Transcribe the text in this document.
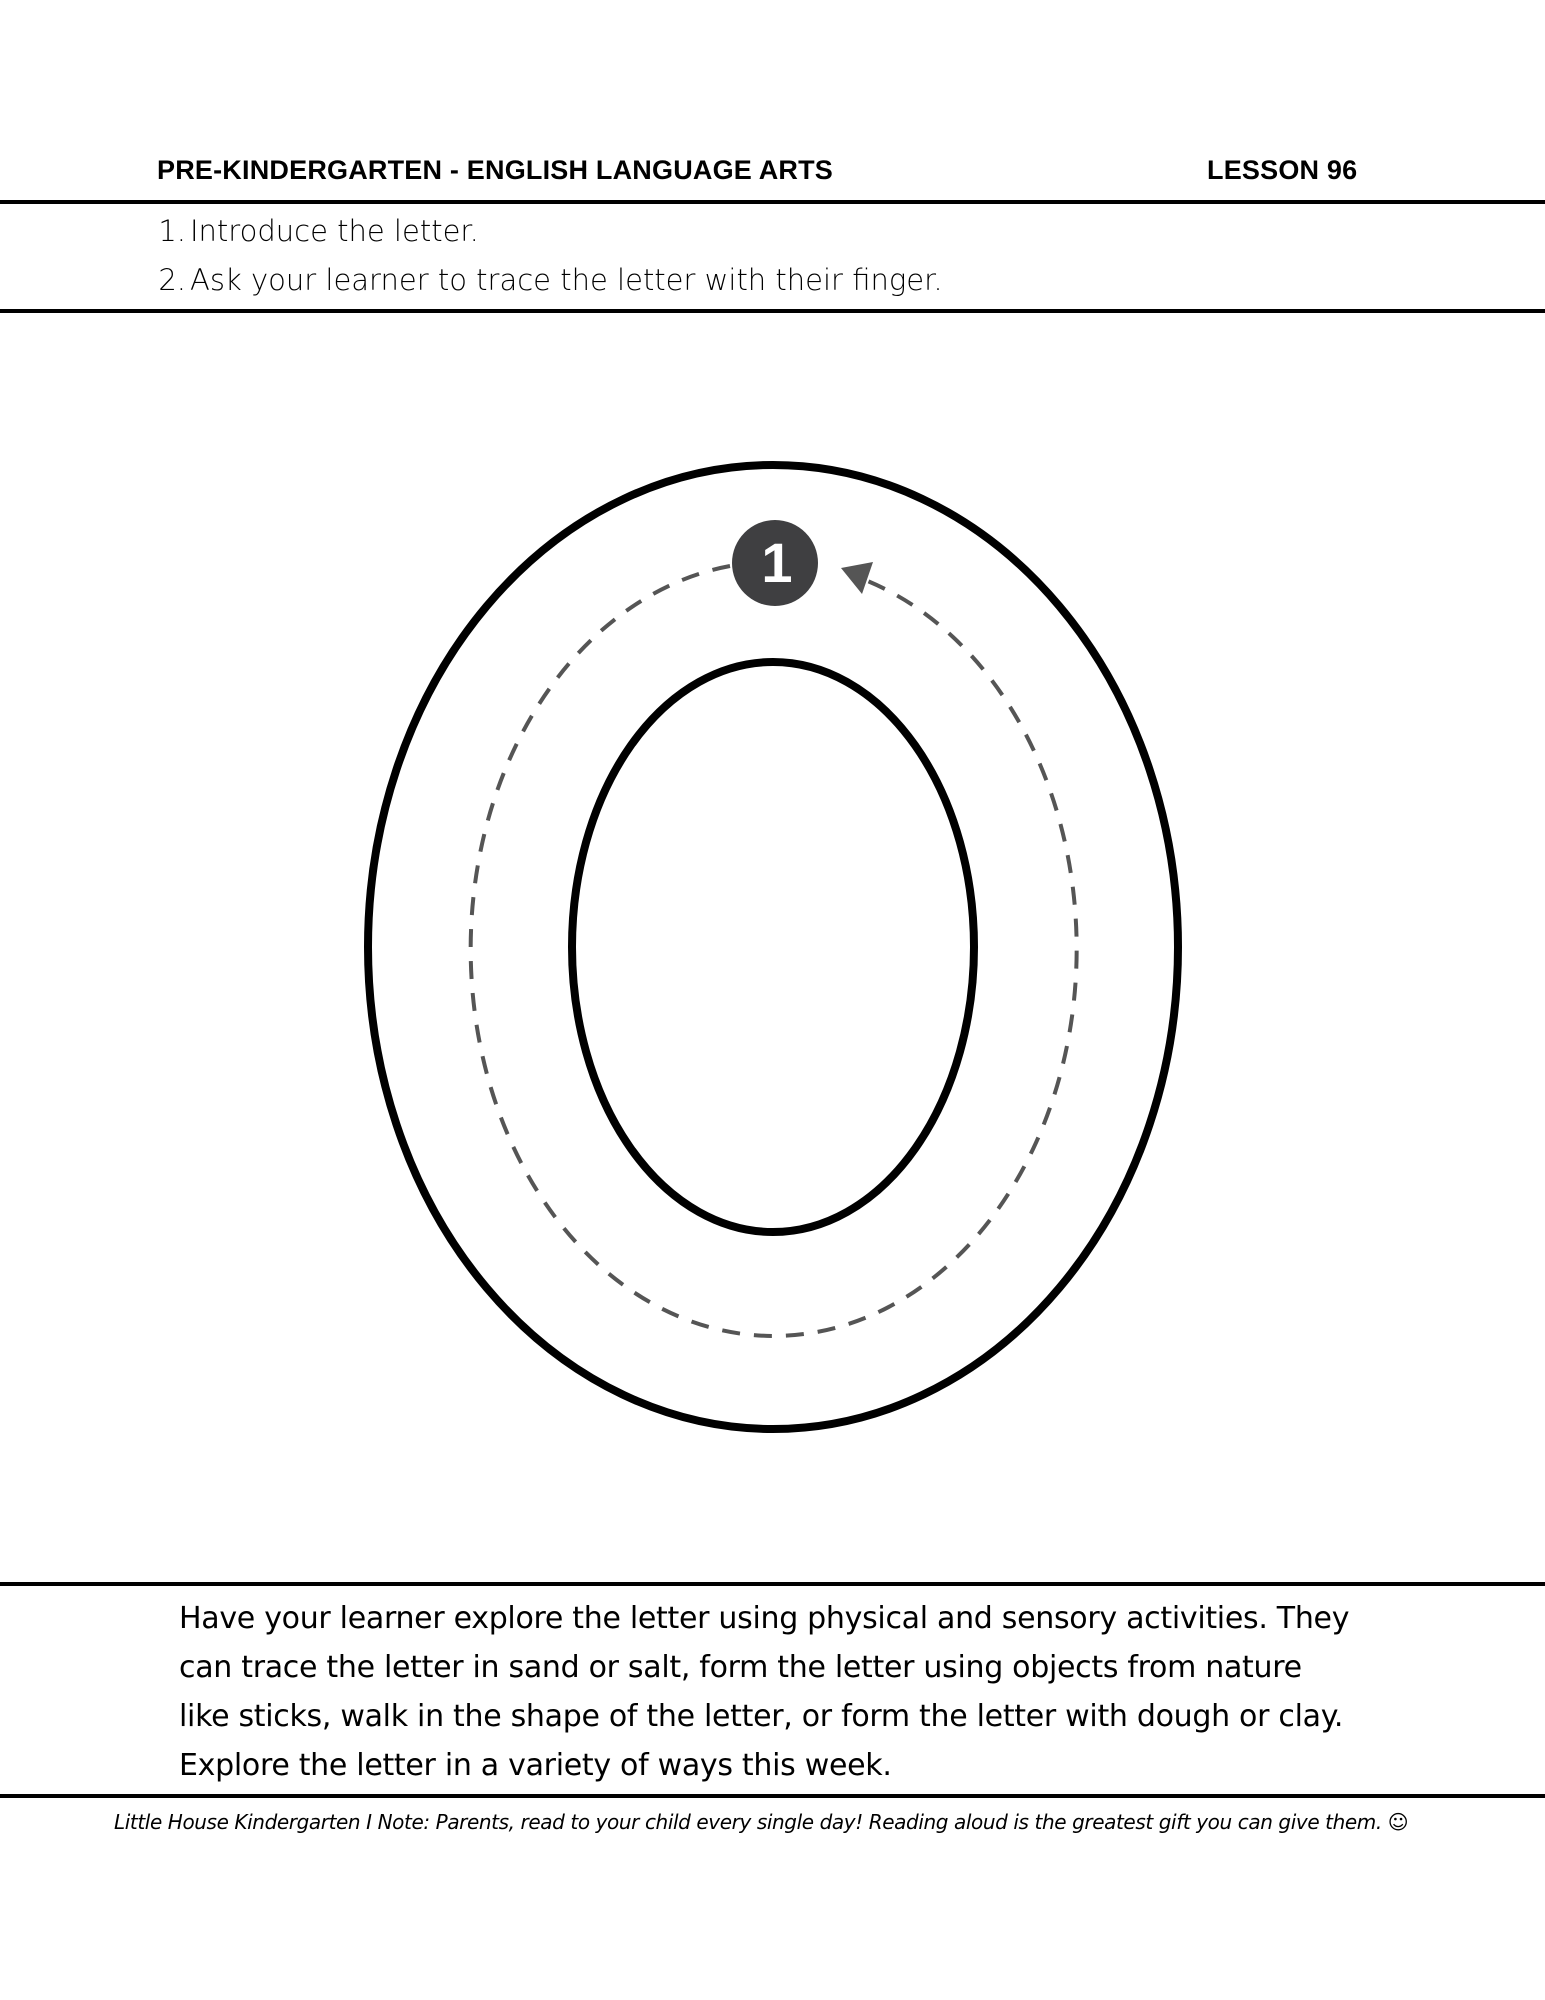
PRE-KINDERGARTEN - ENGLISH LANGUAGE ARTS	LESSON 96
1. Introduce the letter.
2. Ask your learner to trace the letter with their finger.
1
Have your learner explore the letter using physical and sensory activities. They
can trace the letter in sand or salt, form the letter using objects from nature
like sticks, walk in the shape of the letter, or form the letter with dough or clay.
Explore the letter in a variety of ways this week.
Little House Kindergarten I Note: Parents, read to your child every single day! Reading aloud is the greatest gift you can give them. ☺
